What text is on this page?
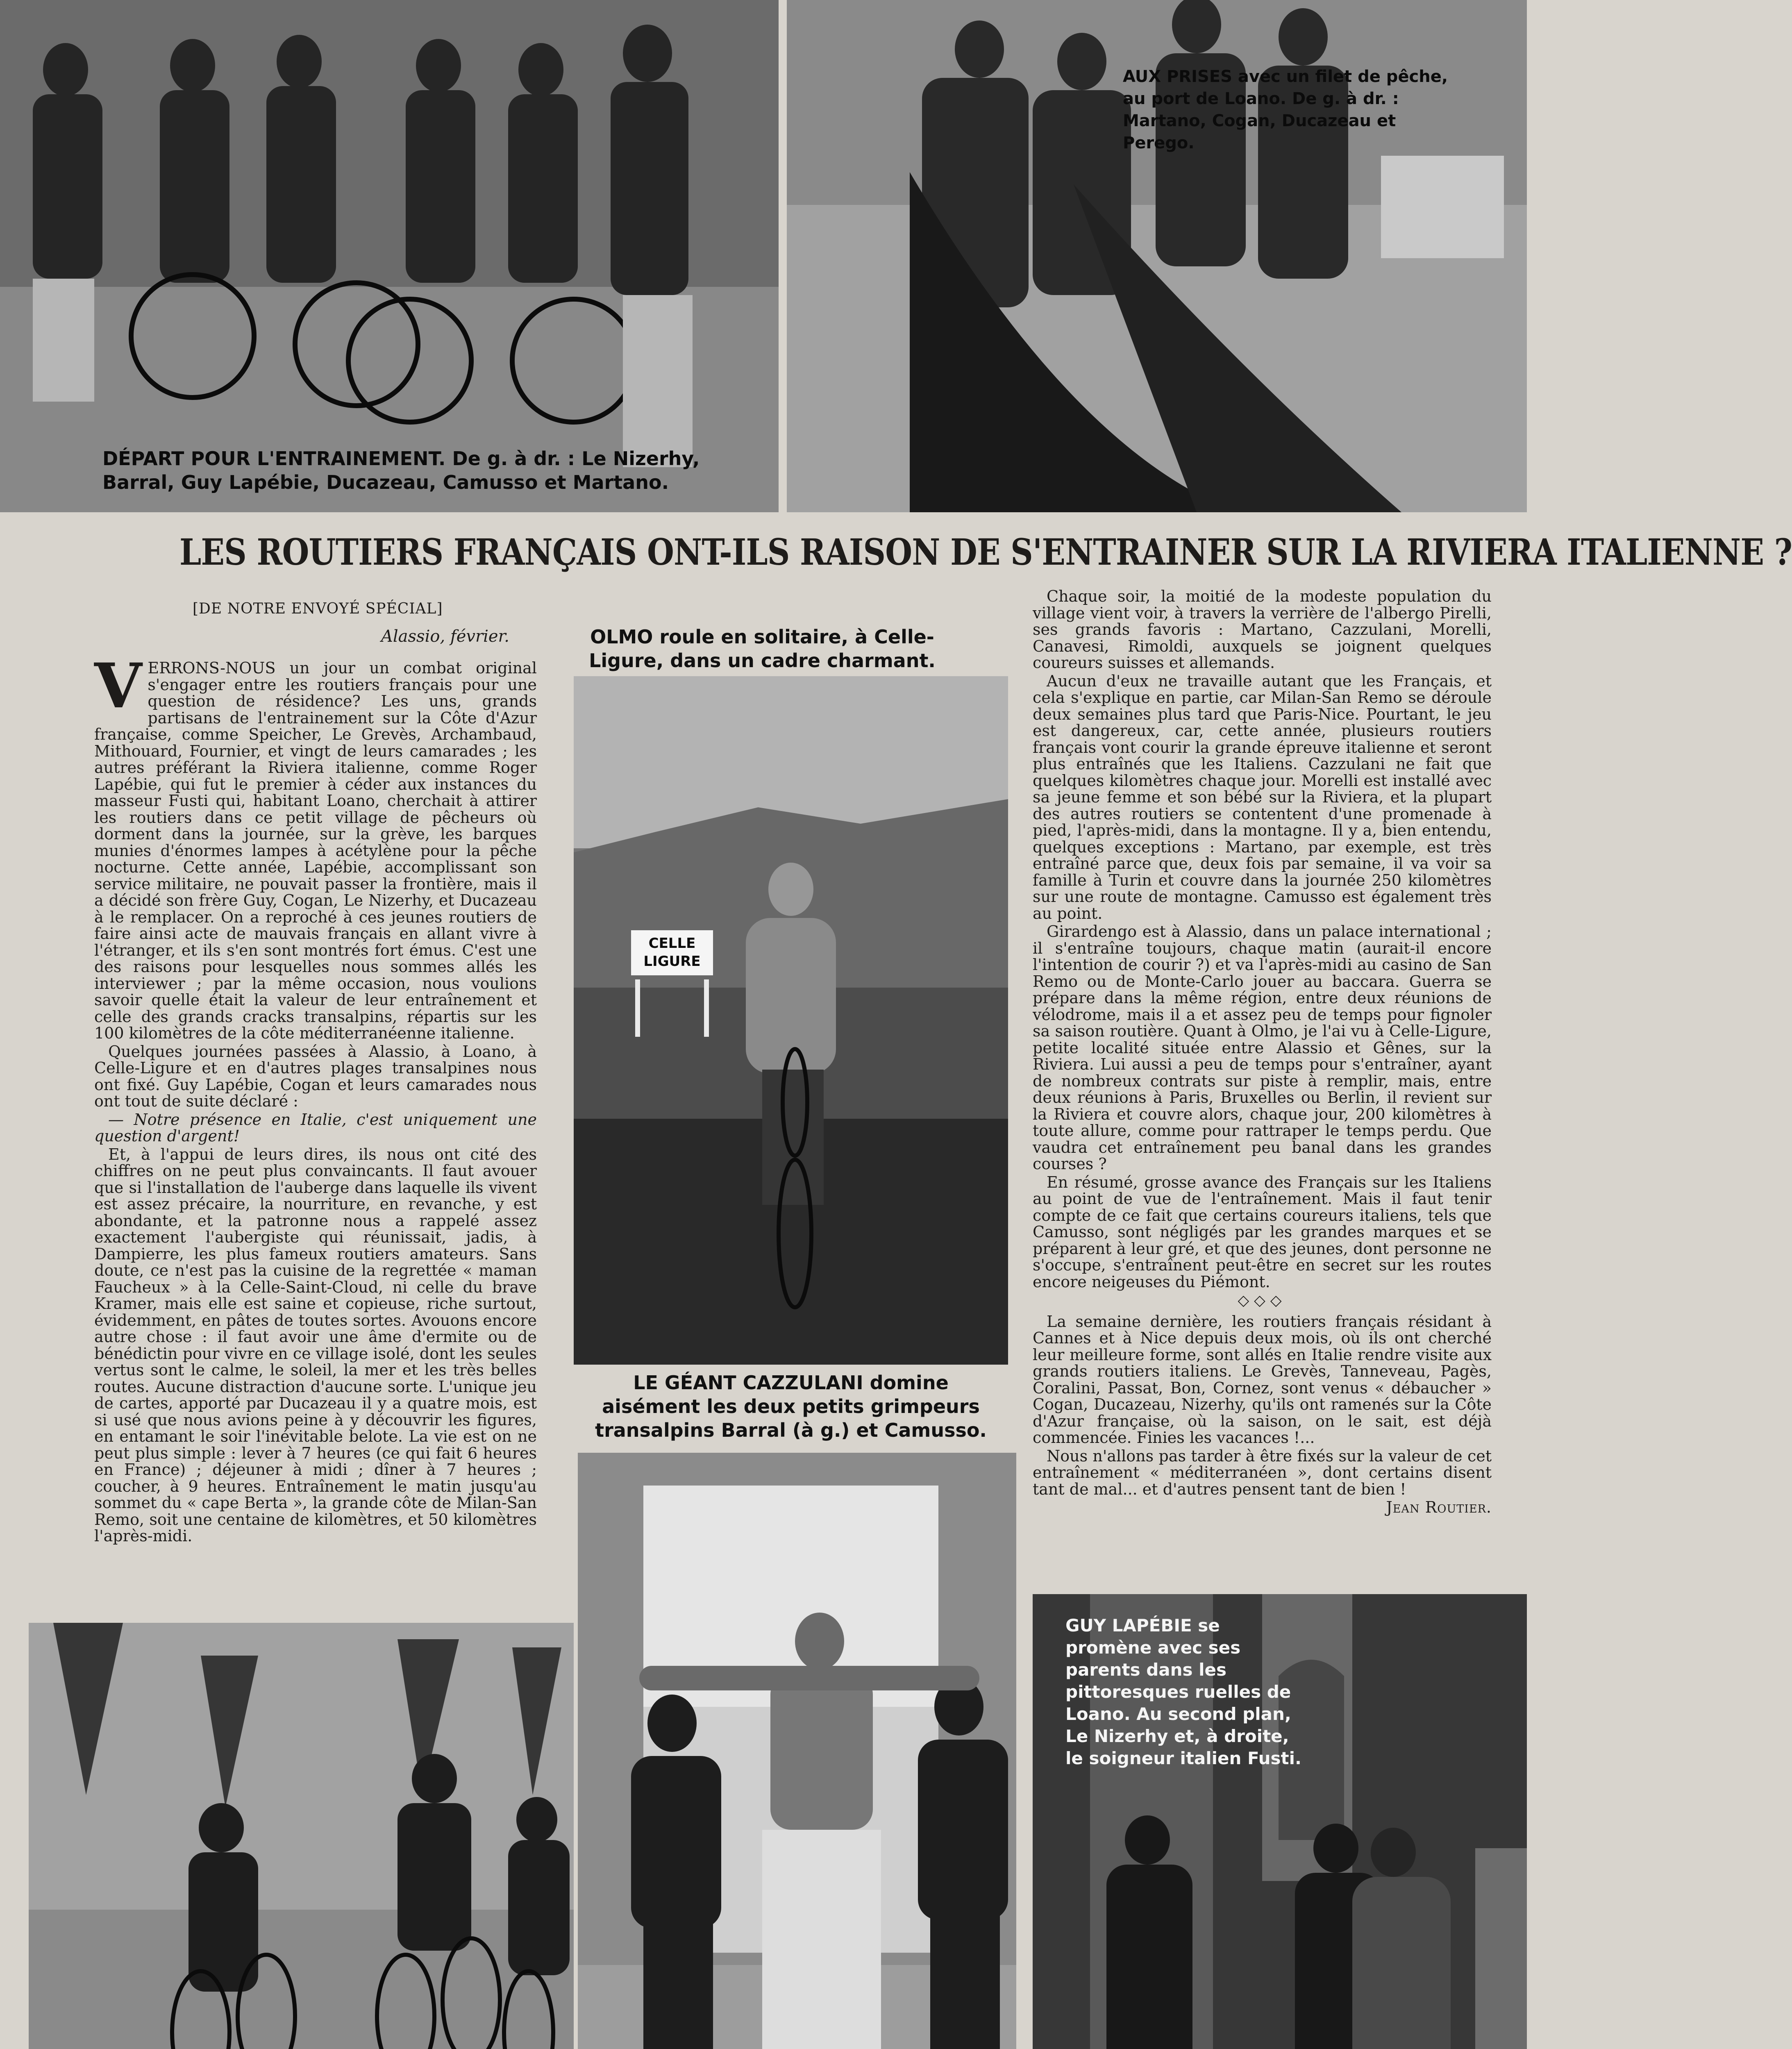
DÉPART POUR L'ENTRAINEMENT. De g. à dr. : Le Nizerhy, Barral, Guy Lapébie, Ducazeau, Camusso et Martano.
AUX PRISES avec un filet de pêche, au port de Loano. De g. à dr. : Martano, Cogan, Ducazeau et Perego.
LES ROUTIERS FRANÇAIS ONT-ILS RAISON DE S'ENTRAINER SUR LA RIVIERA ITALIENNE ?
[DE NOTRE ENVOYÉ SPÉCIAL]
Alassio, février.
V ERRONS-NOUS un jour un combat original s'engager entre les routiers français pour une question de résidence? Les uns, grands partisans de l'entrainement sur la Côte d'Azur française, comme Speicher, Le Grevès, Archambaud, Mithouard, Fournier, et vingt de leurs camarades ; les autres préférant la Riviera italienne, comme Roger Lapébie, qui fut le premier à céder aux instances du masseur Fusti qui, habitant Loano, cherchait à attirer les routiers dans ce petit village de pêcheurs où dorment dans la journée, sur la grève, les barques munies d'énormes lampes à acétylène pour la pêche nocturne. Cette année, Lapébie, accomplissant son service militaire, ne pouvait passer la frontière, mais il a décidé son frère Guy, Cogan, Le Nizerhy, et Ducazeau à le remplacer. On a reproché à ces jeunes routiers de faire ainsi acte de mauvais français en allant vivre à l'étranger, et ils s'en sont montrés fort émus. C'est une des raisons pour lesquelles nous sommes allés les interviewer ; par la même occasion, nous voulions savoir quelle était la valeur de leur entraînement et celle des grands cracks transalpins, répartis sur les 100 kilomètres de la côte méditerranéenne italienne.

Quelques journées passées à Alassio, à Loano, à Celle-Ligure et en d'autres plages transalpines nous ont fixé. Guy Lapébie, Cogan et leurs camarades nous ont tout de suite déclaré :

— Notre présence en Italie, c'est uniquement une question d'argent!

Et, à l'appui de leurs dires, ils nous ont cité des chiffres on ne peut plus convaincants. Il faut avouer que si l'installation de l'auberge dans laquelle ils vivent est assez précaire, la nourriture, en revanche, y est abondante, et la patronne nous a rappelé assez exactement l'aubergiste qui réunissait, jadis, à Dampierre, les plus fameux routiers amateurs. Sans doute, ce n'est pas la cuisine de la regrettée « maman Faucheux » à la Celle-Saint-Cloud, ni celle du brave Kramer, mais elle est saine et copieuse, riche surtout, évidemment, en pâtes de toutes sortes. Avouons encore autre chose : il faut avoir une âme d'ermite ou de bénédictin pour vivre en ce village isolé, dont les seules vertus sont le calme, le soleil, la mer et les très belles routes. Aucune distraction d'aucune sorte. L'unique jeu de cartes, apporté par Ducazeau il y a quatre mois, est si usé que nous avions peine à y découvrir les figures, en entamant le soir l'inévitable belote. La vie est on ne peut plus simple : lever à 7 heures (ce qui fait 6 heures en France) ; déjeuner à midi ; dîner à 7 heures ; coucher, à 9 heures. Entraînement le matin jusqu'au sommet du « cape Berta », la grande côte de Milan-San Remo, soit une centaine de kilomètres, et 50 kilomètres l'après-midi.

OLMO roule en solitaire, à Celle-Ligure, dans un cadre charmant.
CELLE LIGURE
LE GÉANT CAZZULANI domine aisément les deux petits grimpeurs transalpins Barral (à g.) et Camusso.

Chaque soir, la moitié de la modeste population du village vient voir, à travers la verrière de l'albergo Pirelli, ses grands favoris : Martano, Cazzulani, Morelli, Canavesi, Rimoldi, auxquels se joignent quelques coureurs suisses et allemands.

Aucun d'eux ne travaille autant que les Français, et cela s'explique en partie, car Milan-San Remo se déroule deux semaines plus tard que Paris-Nice. Pourtant, le jeu est dangereux, car, cette année, plusieurs routiers français vont courir la grande épreuve italienne et seront plus entraînés que les Italiens. Cazzulani ne fait que quelques kilomètres chaque jour. Morelli est installé avec sa jeune femme et son bébé sur la Riviera, et la plupart des autres routiers se contentent d'une promenade à pied, l'après-midi, dans la montagne. Il y a, bien entendu, quelques exceptions : Martano, par exemple, est très entraîné parce que, deux fois par semaine, il va voir sa famille à Turin et couvre dans la journée 250 kilomètres sur une route de montagne. Camusso est également très au point.

Girardengo est à Alassio, dans un palace international ; il s'entraîne toujours, chaque matin (aurait-il encore l'intention de courir ?) et va l'après-midi au casino de San Remo ou de Monte-Carlo jouer au baccara. Guerra se prépare dans la même région, entre deux réunions de vélodrome, mais il a et assez peu de temps pour fignoler sa saison routière. Quant à Olmo, je l'ai vu à Celle-Ligure, petite localité située entre Alassio et Gênes, sur la Riviera. Lui aussi a peu de temps pour s'entraîner, ayant de nombreux contrats sur piste à remplir, mais, entre deux réunions à Paris, Bruxelles ou Berlin, il revient sur la Riviera et couvre alors, chaque jour, 200 kilomètres à toute allure, comme pour rattraper le temps perdu. Que vaudra cet entraînement peu banal dans les grandes courses ?

En résumé, grosse avance des Français sur les Italiens au point de vue de l'entraînement. Mais il faut tenir compte de ce fait que certains coureurs italiens, tels que Camusso, sont négligés par les grandes marques et se préparent à leur gré, et que des jeunes, dont personne ne s'occupe, s'entraînent peut-être en secret sur les routes encore neigeuses du Piémont.

◇◇◇

La semaine dernière, les routiers français résidant à Cannes et à Nice depuis deux mois, où ils ont cherché leur meilleure forme, sont allés en Italie rendre visite aux grands routiers italiens. Le Grevès, Tanneveau, Pagès, Coralini, Passat, Bon, Cornez, sont venus « débaucher » Cogan, Ducazeau, Nizerhy, qu'ils ont ramenés sur la Côte d'Azur française, où la saison, on le sait, est déjà commencée. Finies les vacances !...

Nous n'allons pas tarder à être fixés sur la valeur de cet entraînement « méditerranéen », dont certains disent tant de mal... et d'autres pensent tant de bien !

Jean Routier.
GUY LAPÉBIE se promène avec ses parents dans les pittoresques ruelles de Loano. Au second plan, Le Nizerhy et, à droite, le soigneur italien Fusti.
